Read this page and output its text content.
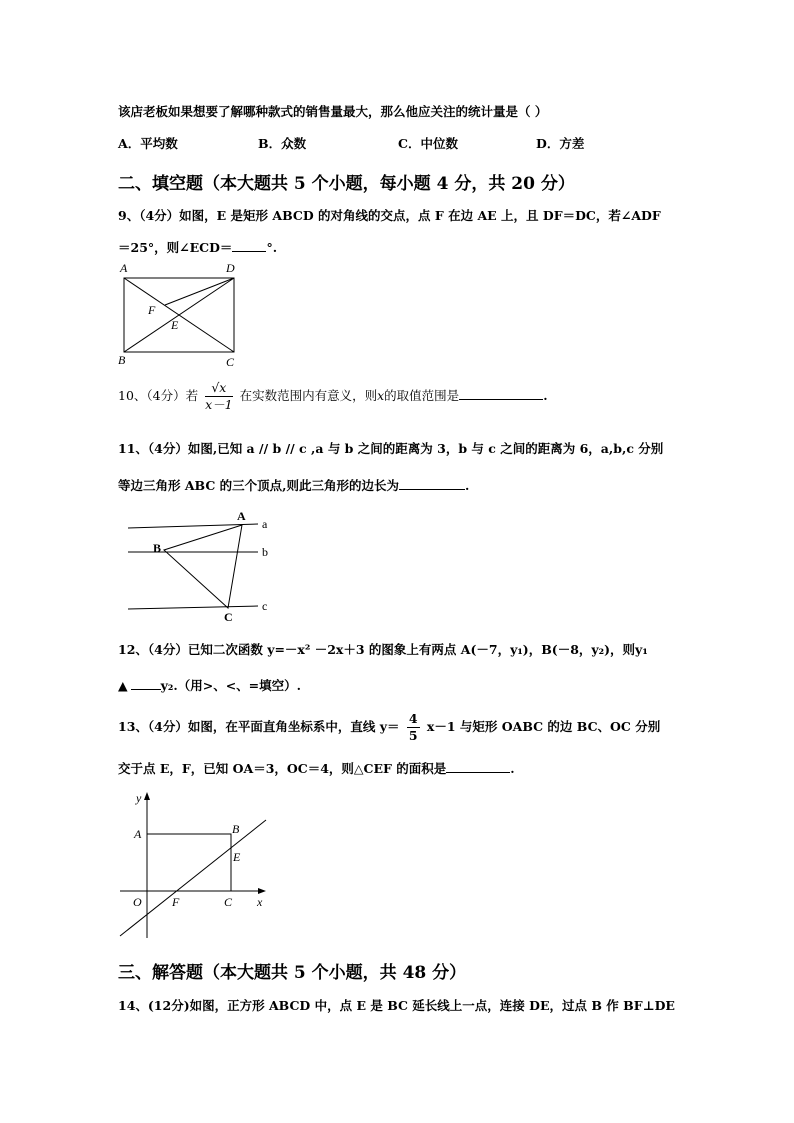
该店老板如果想要了解哪种款式的销售量最大，那么他应关注的统计量是（ ）
A．平均数	B．众数	C．中位数	D．方差
二、填空题（本大题共 5 个小题，每小题 4 分，共 20 分）
9、（4分）如图，E 是矩形 ABCD 的对角线的交点，点 F 在边 AE 上，且 DF＝DC，若∠ADF
＝25°，则∠ECD＝	°.
A	D
F
E
B	C
10、（4分）若 $\frac{√x}{x-1}$ 在实数范围内有意义，则x的取值范围是	.
11、（4分）如图,已知 a // b // c ,a 与 b 之间的距离为 3，b 与 c 之间的距离为 6，a,b,c 分别
等边三角形 ABC 的三个顶点,则此三角形的边长为	.
A
B
C
a
b
c
12、（4分）已知二次函数 y=－x² －2x＋3 的图象上有两点 A(－7，y₁)，B(－8，y₂)，则y₁
▲	y₂.（用>、<、=填空）.
13、（4分）如图，在平面直角坐标系中，直线 $y= \frac{4}{5} x-1$ 与矩形 OABC 的边 BC、OC 分别
交于点 E，F，已知 OA＝3，OC＝4，则△CEF 的面积是	.
y
A	B
E
O	F	C x
三、解答题（本大题共 5 个小题，共 48 分）
14、(12分)如图，正方形 ABCD 中，点 E 是 BC 延长线上一点，连接 DE，过点 B 作 BF⊥DE
